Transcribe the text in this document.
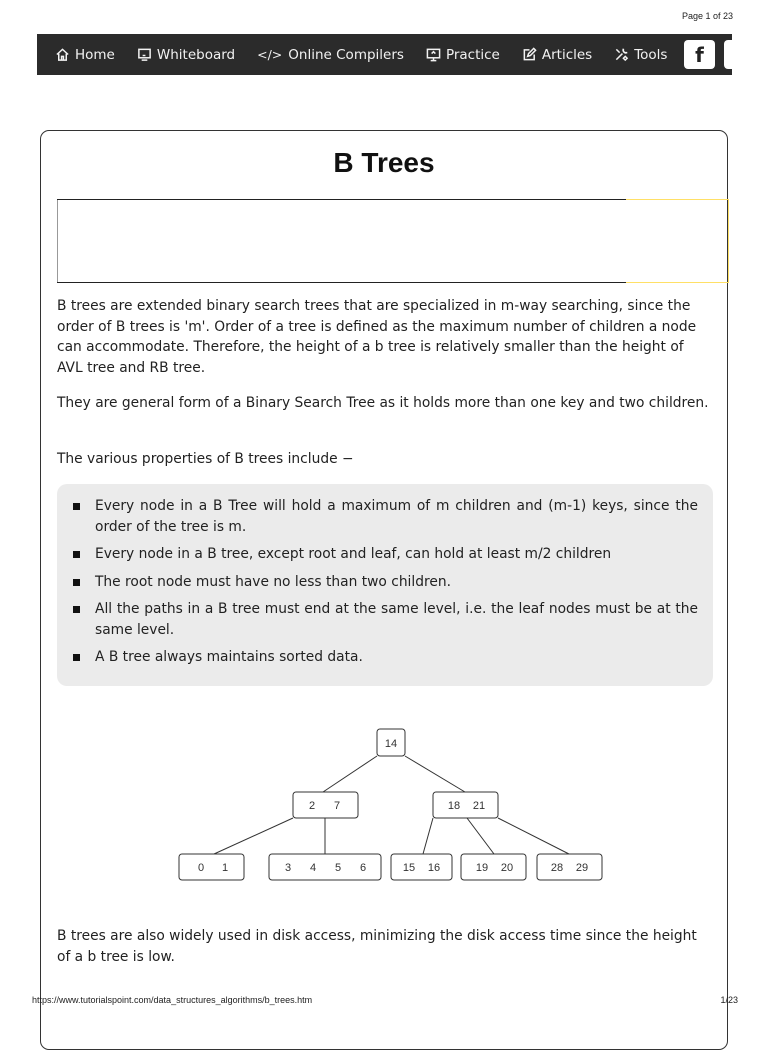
Page 1 of 23
Home	Whiteboard </> Online Compilers	Practice	Articles	Tools f
B Trees

B trees are extended binary search trees that are specialized in m-way searching, since the order of B trees is 'm'. Order of a tree is defined as the maximum number of children a node can accommodate. Therefore, the height of a b tree is relatively smaller than the height of AVL tree and RB tree.

They are general form of a Binary Search Tree as it holds more than one key and two children.

The various properties of B trees include −

Every node in a B Tree will hold a maximum of m children and (m-1) keys, since the order of the tree is m.
Every node in a B tree, except root and leaf, can hold at least m/2 children
The root node must have no less than two children.
All the paths in a B tree must end at the same level, i.e. the leaf nodes must be at the same level.
A B tree always maintains sorted data.
14
2 7	18 21
0 1	3 4 5 6	15 16	19 20	28 29

B trees are also widely used in disk access, minimizing the disk access time since the height of a b tree is low.

https://www.tutorialspoint.com/data_structures_algorithms/b_trees.htm	1/23
